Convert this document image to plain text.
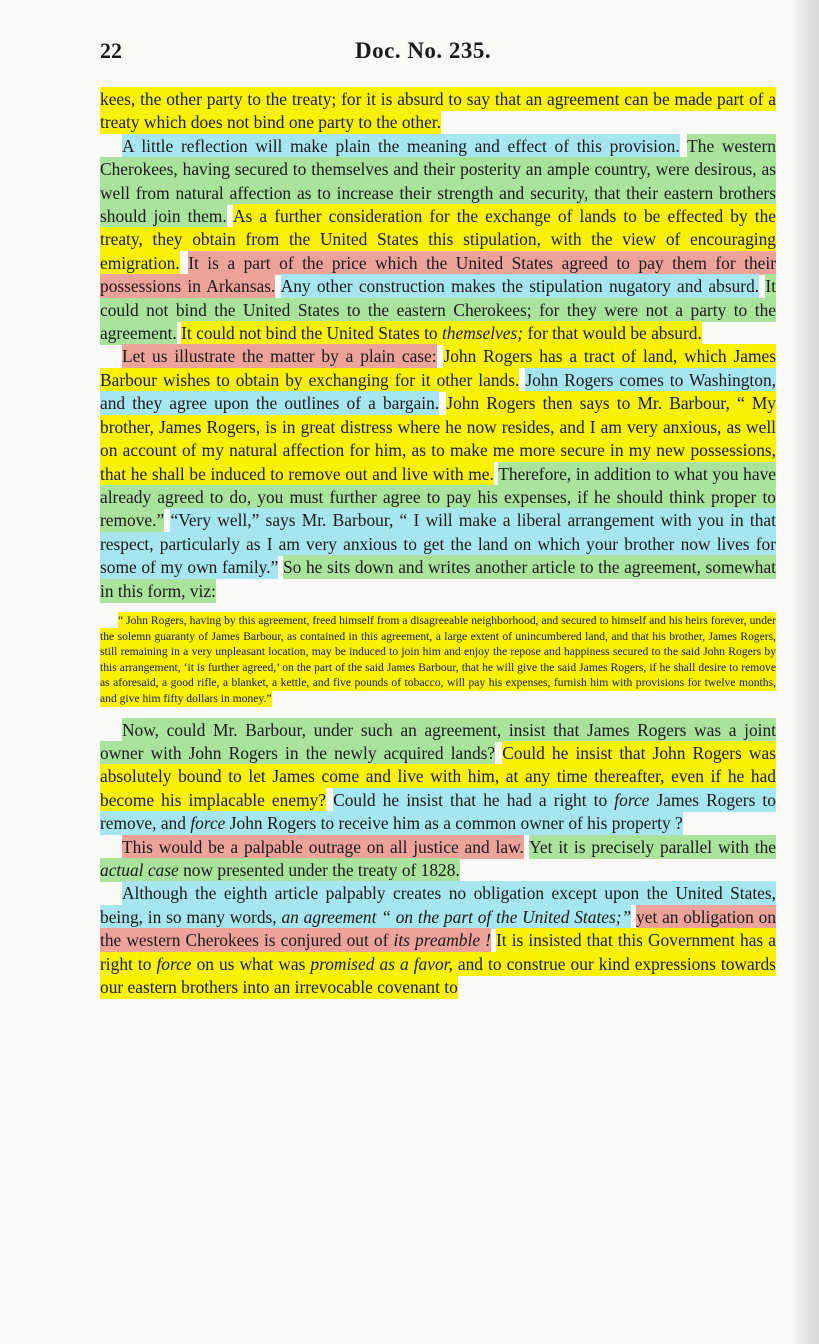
22	Doc. No. 235.

kees, the other party to the treaty; for it is absurd to say that an agreement can be made part of a treaty which does not bind one party to the other.

A little reflection will make plain the meaning and effect of this provision. The western Cherokees, having secured to themselves and their posterity an ample country, were desirous, as well from natural affection as to increase their strength and security, that their eastern brothers should join them. As a further consideration for the exchange of lands to be effected by the treaty, they obtain from the United States this stipulation, with the view of encouraging emigration. It is a part of the price which the United States agreed to pay them for their possessions in Arkansas. Any other construction makes the stipulation nugatory and absurd. It could not bind the United States to the eastern Cherokees; for they were not a party to the agreement. It could not bind the United States to themselves; for that would be absurd.

Let us illustrate the matter by a plain case: John Rogers has a tract of land, which James Barbour wishes to obtain by exchanging for it other lands. John Rogers comes to Washington, and they agree upon the outlines of a bargain. John Rogers then says to Mr. Barbour, “ My brother, James Rogers, is in great distress where he now resides, and I am very anxious, as well on account of my natural affection for him, as to make me more secure in my new possessions, that he shall be induced to remove out and live with me. Therefore, in addition to what you have already agreed to do, you must further agree to pay his expenses, if he should think proper to remove.” “Very well,” says Mr. Barbour, “ I will make a liberal arrangement with you in that respect, particularly as I am very anxious to get the land on which your brother now lives for some of my own family.” So he sits down and writes another article to the agreement, somewhat in this form, viz:

“ John Rogers, having by this agreement, freed himself from a disagreeable neighborhood, and secured to himself and his heirs forever, under the solemn guaranty of James Barbour, as contained in this agreement, a large extent of unincumbered land, and that his brother, James Rogers, still remaining in a very unpleasant location, may be induced to join him and enjoy the repose and happiness secured to the said John Rogers by this arrangement, ‘it is further agreed,’ on the part of the said James Barbour, that he will give the said James Rogers, if he shall desire to remove as aforesaid, a good rifle, a blanket, a kettle, and five pounds of tobacco, will pay his expenses, furnish him with provisions for twelve months, and give him fifty dollars in money.”

Now, could Mr. Barbour, under such an agreement, insist that James Rogers was a joint owner with John Rogers in the newly acquired lands? Could he insist that John Rogers was absolutely bound to let James come and live with him, at any time thereafter, even if he had become his implacable enemy? Could he insist that he had a right to force James Rogers to remove, and force John Rogers to receive him as a common owner of his property ?

This would be a palpable outrage on all justice and law. Yet it is precisely parallel with the actual case now presented under the treaty of 1828.

Although the eighth article palpably creates no obligation except upon the United States, being, in so many words, an agreement “ on the part of the United States;” yet an obligation on the western Cherokees is conjured out of its preamble ! It is insisted that this Government has a right to force on us what was promised as a favor, and to construe our kind expressions towards our eastern brothers into an irrevocable covenant to
